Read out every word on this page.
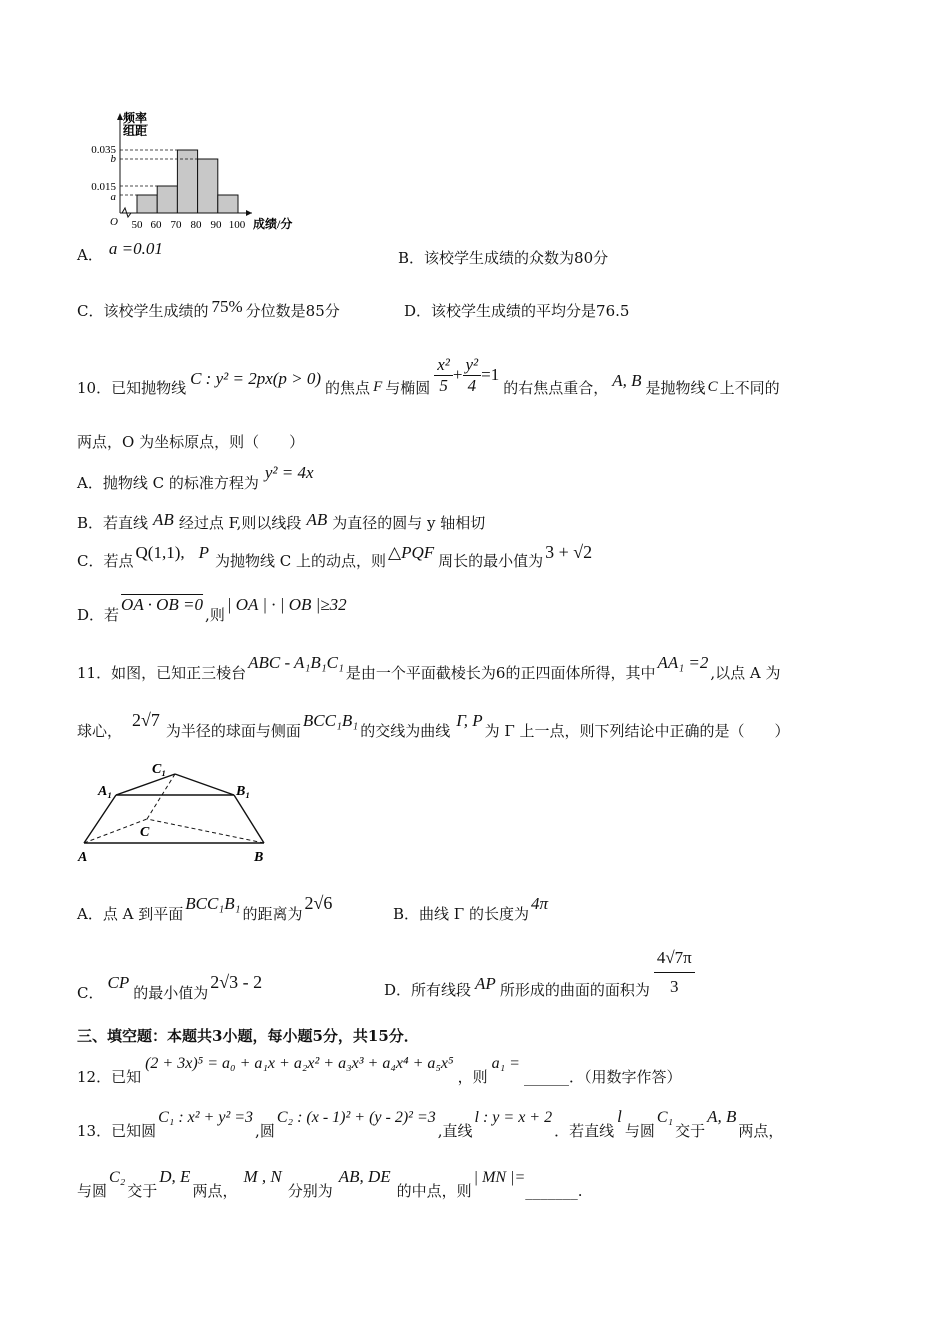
频率
组距
0.035
b
0.015
a
O 50 60 70 80 90 100 成绩/分
A． a =0.01	B．该校学生成绩的众数为80分
C．该校学生成绩的 75% 分位数是85分	D．该校学生成绩的平均分是76.5
10．已知抛物线 C : y² = 2px(p > 0) 的焦点 F 与椭圆 $\frac{\text{x²}}{5} + \frac{\text{y²}}{4} =1$
的右焦点重合， A, B 是抛物线 C 上不同的
两点，O 为坐标原点，则（　　）
A．抛物线 C 的标准方程为y² = 4x
B．若直线 AB 经过点 F,则以线段 AB 为直径的圆与 y 轴相切
C．若点 Q(1,1), P 为抛物线 C 上的动点，则 △PQF 周长的最小值为 3 + √2
D．若OA · OB =0,则| OA | · | OB |≥32
11．如图，已知正三棱台ABC - A₁B₁C₁是由一个平面截棱长为6的正四面体所得，其中AA₁ =2,以点 A 为
球心，2√7为半径的球面与侧面BCC₁B₁的交线为曲线Γ, P为 Γ 上一点，则下列结论中正确的是（　　）
A	B
C
A₁	B₁
C₁
A．点 A 到平面BCC₁B₁的距离为2√6
B．曲线 Γ 的长度为4π
C．CP的最小值为2√3 - 2	D． 所有线段 AP 所形成的曲面的面积为 $\frac{4√7\pi}{3}$
三、填空题：本题共3小题，每小题5分，共15分．
12．已知(2 + 3x)⁵ = a₀ + a₁x + a₂x² + a₃x³ + a₄x⁴ + a₅x⁵，则a₁ =______．（用数字作答）
13．已知圆C₁ : x² + y² =3,圆C₂ : (x - 1)² + (y - 2)² =3,直线l : y = x + 2．若直线l与圆C₁交于A, B两点，
与圆C₂交于D, E两点，M , N分别为AB, DE的中点，则| MN |=_______.
